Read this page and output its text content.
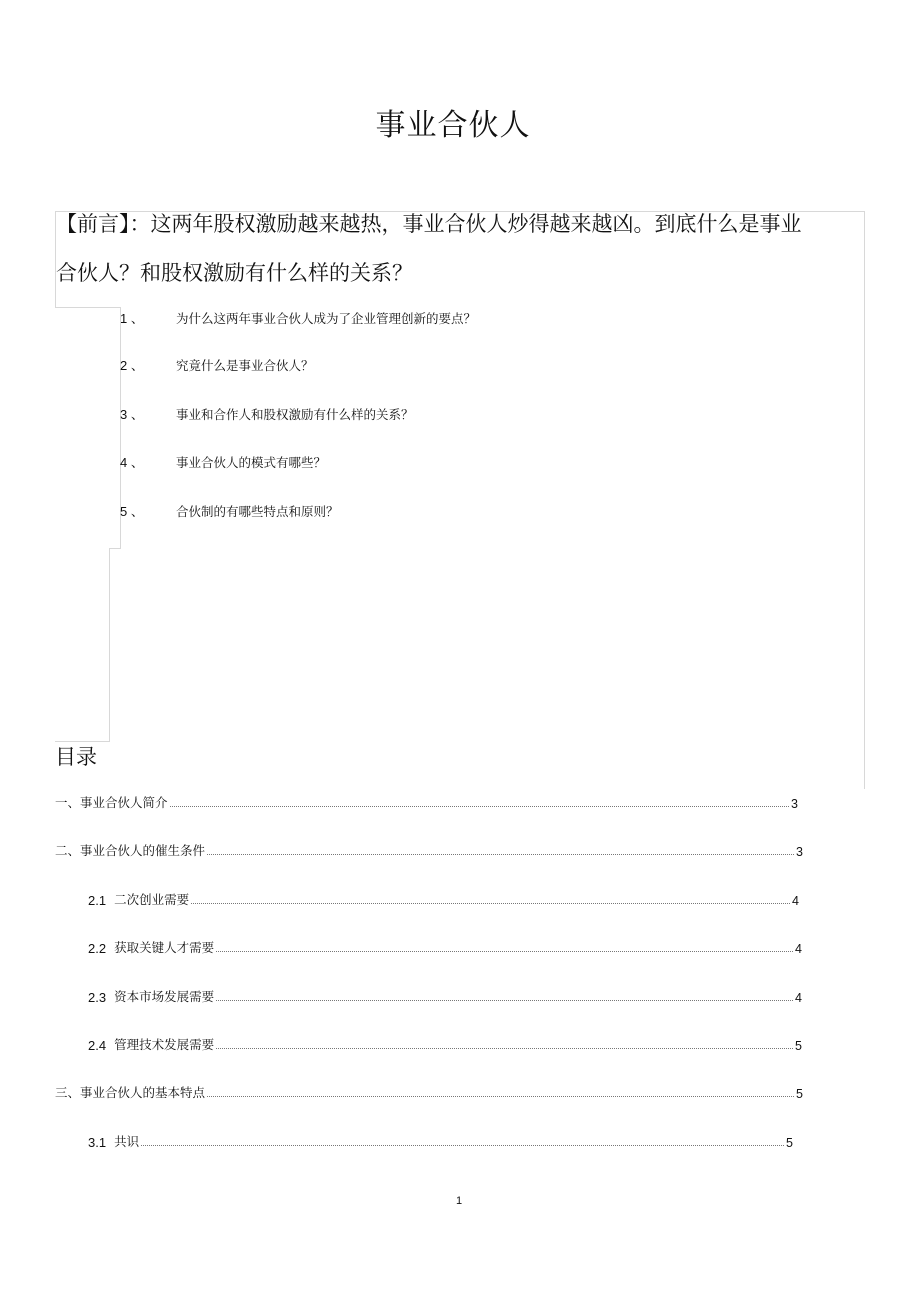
事业合伙人
【前言】：这两年股权激励越来越热，事业合伙人炒得越来越凶。到底什么是事业合伙人？和股权激励有什么样的关系？
1 、	为什么这两年事业合伙人成为了企业管理创新的要点？
2 、	究竟什么是事业合伙人？
3 、	事业和合作人和股权激励有什么样的关系？
4 、	事业合伙人的模式有哪些？
5 、	合伙制的有哪些特点和原则？
目录
一、事业合伙人简介	3
二、事业合伙人的催生条件	3
2.1 二次创业需要	4
2.2 获取关键人才需要	4
2.3 资本市场发展需要	4
2.4 管理技术发展需要	5
三、事业合伙人的基本特点	5
3.1 共识	5
1
